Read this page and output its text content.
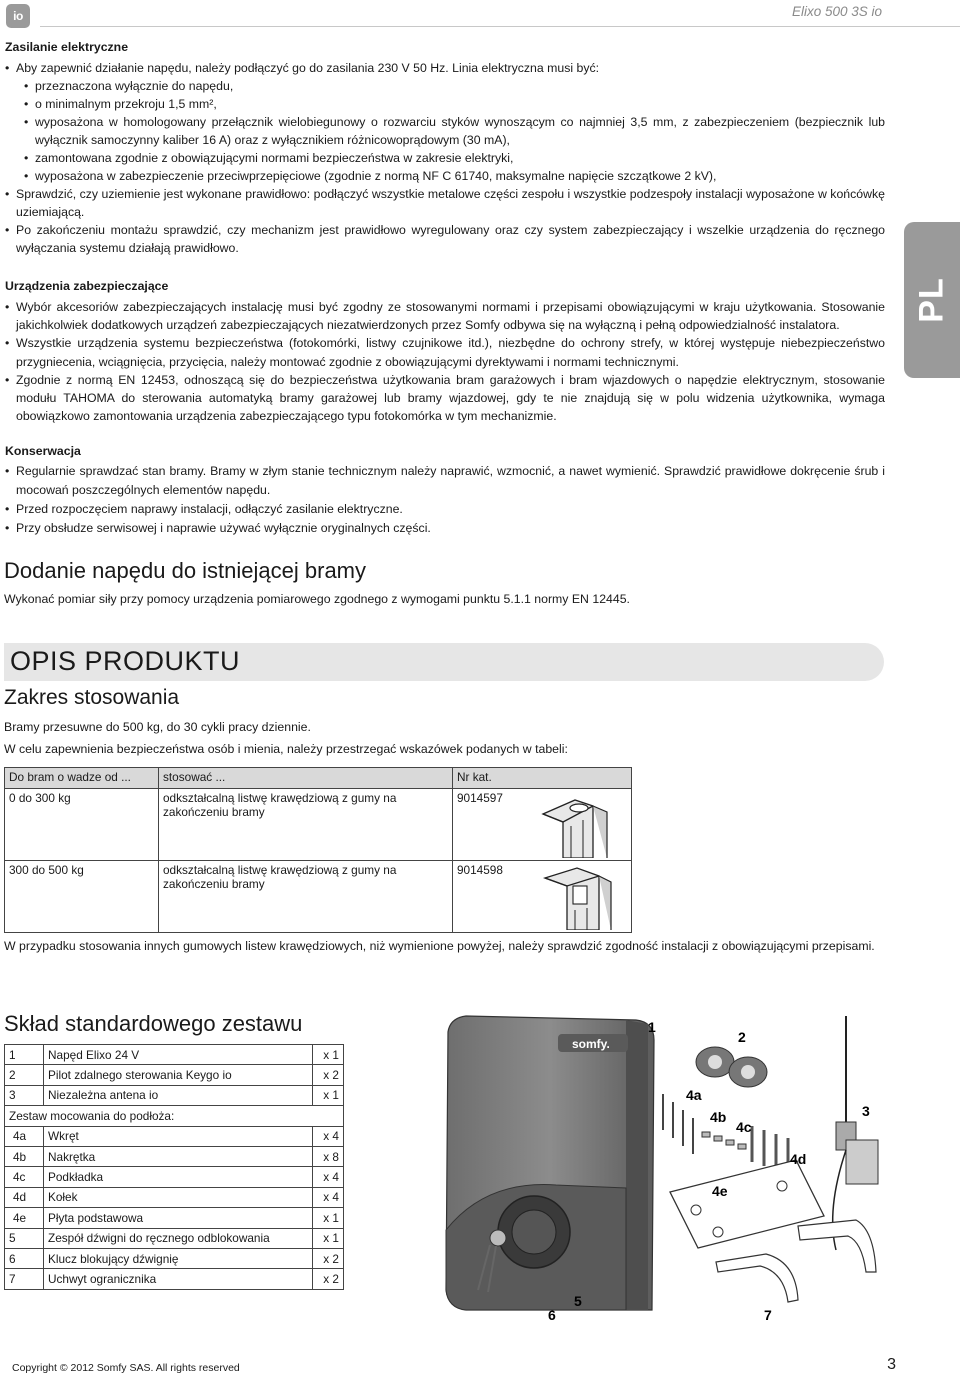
io	Elixo 500 3S io
Zasilanie elektryczne
• Aby zapewnić działanie napędu, należy podłączyć go do zasilania 230 V 50 Hz. Linia elektryczna musi być:
• przeznaczona wyłącznie do napędu,
• o minimalnym przekroju 1,5 mm²,
• wyposażona w homologowany przełącznik wielobiegunowy o rozwarciu styków wynoszącym co najmniej 3,5 mm, z zabezpieczeniem (bezpiecznik lub wyłącznik samoczynny kaliber 16 A) oraz z wyłącznikiem różnicowoprądowym (30 mA),
• zamontowana zgodnie z obowiązującymi normami bezpieczeństwa w zakresie elektryki,
• wyposażona w zabezpieczenie przeciwprzepięciowe (zgodnie z normą NF C 61740, maksymalne napięcie szczątkowe 2 kV),
• Sprawdzić, czy uziemienie jest wykonane prawidłowo: podłączyć wszystkie metalowe części zespołu i wszystkie podzespoły instalacji wyposażone w końcówkę uziemiającą.
• Po zakończeniu montażu sprawdzić, czy mechanizm jest prawidłowo wyregulowany oraz czy system zabezpieczający i wszelkie urządzenia do ręcznego wyłączania systemu działają prawidłowo.
PL
Urządzenia zabezpieczające
• Wybór akcesoriów zabezpieczających instalację musi być zgodny ze stosowanymi normami i przepisami obowiązującymi w kraju użytkowania. Stosowanie jakichkolwiek dodatkowych urządzeń zabezpieczających niezatwierdzonych przez Somfy odbywa się na wyłączną i pełną odpowiedzialność instalatora.
• Wszystkie urządzenia systemu bezpieczeństwa (fotokomórki, listwy czujnikowe itd.), niezbędne do ochrony strefy, w której występuje niebezpieczeństwo przygniecenia, wciągnięcia, przycięcia, należy montować zgodnie z obowiązującymi dyrektywami i normami technicznymi.
• Zgodnie z normą EN 12453, odnoszącą się do bezpieczeństwa użytkowania bram garażowych i bram wjazdowych o napędzie elektrycznym, stosowanie modułu TAHOMA do sterowania automatyką bramy garażowej lub bramy wjazdowej, gdy te nie znajdują się w polu widzenia użytkownika, wymaga obowiązkowo zamontowania urządzenia zabezpieczającego typu fotokomórka w tym mechanizmie.
Konserwacja
• Regularnie sprawdzać stan bramy. Bramy w złym stanie technicznym należy naprawić, wzmocnić, a nawet wymienić. Sprawdzić prawidłowe dokręcenie śrub i mocowań poszczególnych elementów napędu.
• Przed rozpoczęciem naprawy instalacji, odłączyć zasilanie elektryczne.
• Przy obsłudze serwisowej i naprawie używać wyłącznie oryginalnych części.
Dodanie napędu do istniejącej bramy
Wykonać pomiar siły przy pomocy urządzenia pomiarowego zgodnego z wymogami punktu 5.1.1 normy EN 12445.
OPIS PRODUKTU
Zakres stosowania
Bramy przesuwne do 500 kg, do 30 cykli pracy dziennie.
W celu zapewnienia bezpieczeństwa osób i mienia, należy przestrzegać wskazówek podanych w tabeli:
Do bram o wadze od ...	stosować ...	Nr kat.
0 do 300 kg	odkształcalną listwę krawędziową z gumy na zakończeniu bramy	9014597

300 do 500 kg	odkształcalną listwę krawędziową z gumy na zakończeniu bramy	9014598
W przypadku stosowania innych gumowych listew krawędziowych, niż wymienione powyżej, należy sprawdzić zgodność instalacji z obowiązującymi przepisami.
Skład standardowego zestawu
1	Napęd Elixo 24 V	x 1
2	Pilot zdalnego sterowania Keygo io	x 2
3	Niezależna antena io	x 1
Zestaw mocowania do podłoża:		
4a	Wkręt	x 4
4b	Nakrętka	x 8
4c	Podkładka	x 4
4d	Kołek	x 4
4e	Płyta podstawowa	x 1
5	Zespół dźwigni do ręcznego odblokowania	x 1
6	Klucz blokujący dźwignię	x 2
7	Uchwyt ogranicznika	x 2
somfy.
1
2
3
4a
4b
4c
4d
4e
5
6	7
Copyright © 2012 Somfy SAS. All rights reserved	3
